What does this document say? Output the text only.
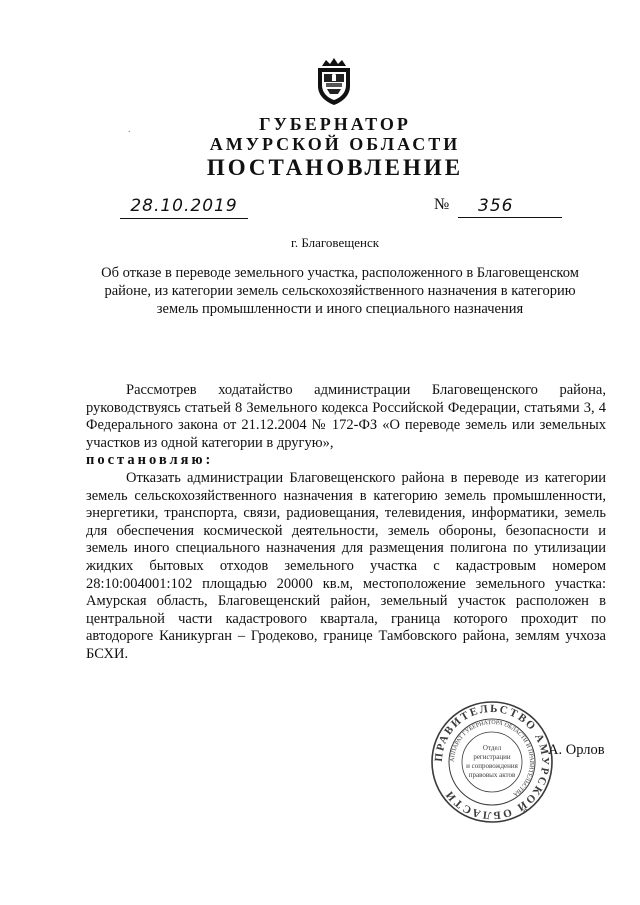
.	ГУБЕРНАТОР
АМУРСКОЙ ОБЛАСТИ
ПОСТАНОВЛЕНИЕ
28.10.2019	№	356
г. Благовещенск
Об отказе в переводе земельного участка, расположенного в Благовещенском районе, из категории земель сельскохозяйственного назначения в категорию земель промышленности и иного специального назначения

Рассмотрев ходатайство администрации Благовещенского района, руководствуясь статьей 8 Земельного кодекса Российской Федерации, статьями 3, 4 Федерального закона от 21.12.2004 № 172-ФЗ «О переводе земель или земельных участков из одной категории в другую»,

постановляю:

Отказать администрации Благовещенского района в переводе из категории земель сельскохозяйственного назначения в категорию земель промышленности, энергетики, транспорта, связи, радиовещания, телевидения, информатики, земель для обеспечения космической деятельности, земель обороны, безопасности и земель иного специального назначения для размещения полигона по утилизации жидких бытовых отходов земельного участка с кадастровым номером 28:10:004001:102 площадью 20000 кв.м, местоположение земельного участка: Амурская область, Благовещенский район, земельный участок расположен в центральной части кадастрового квартала, граница которого проходит по автодороге Каникурган – Гродеково, границе Тамбовского района, землям учхоза БСХИ.

ПРАВИТЕЛЬСТВО АМУРСКОЙ ОБЛАСТИ
АППАРАТ ГУБЕРНАТОРА ОБЛАСТИ И ПРАВИТЕЛЬСТВА
Отдел
регистрации
и сопровождения
правовых актов
А. Орлов
